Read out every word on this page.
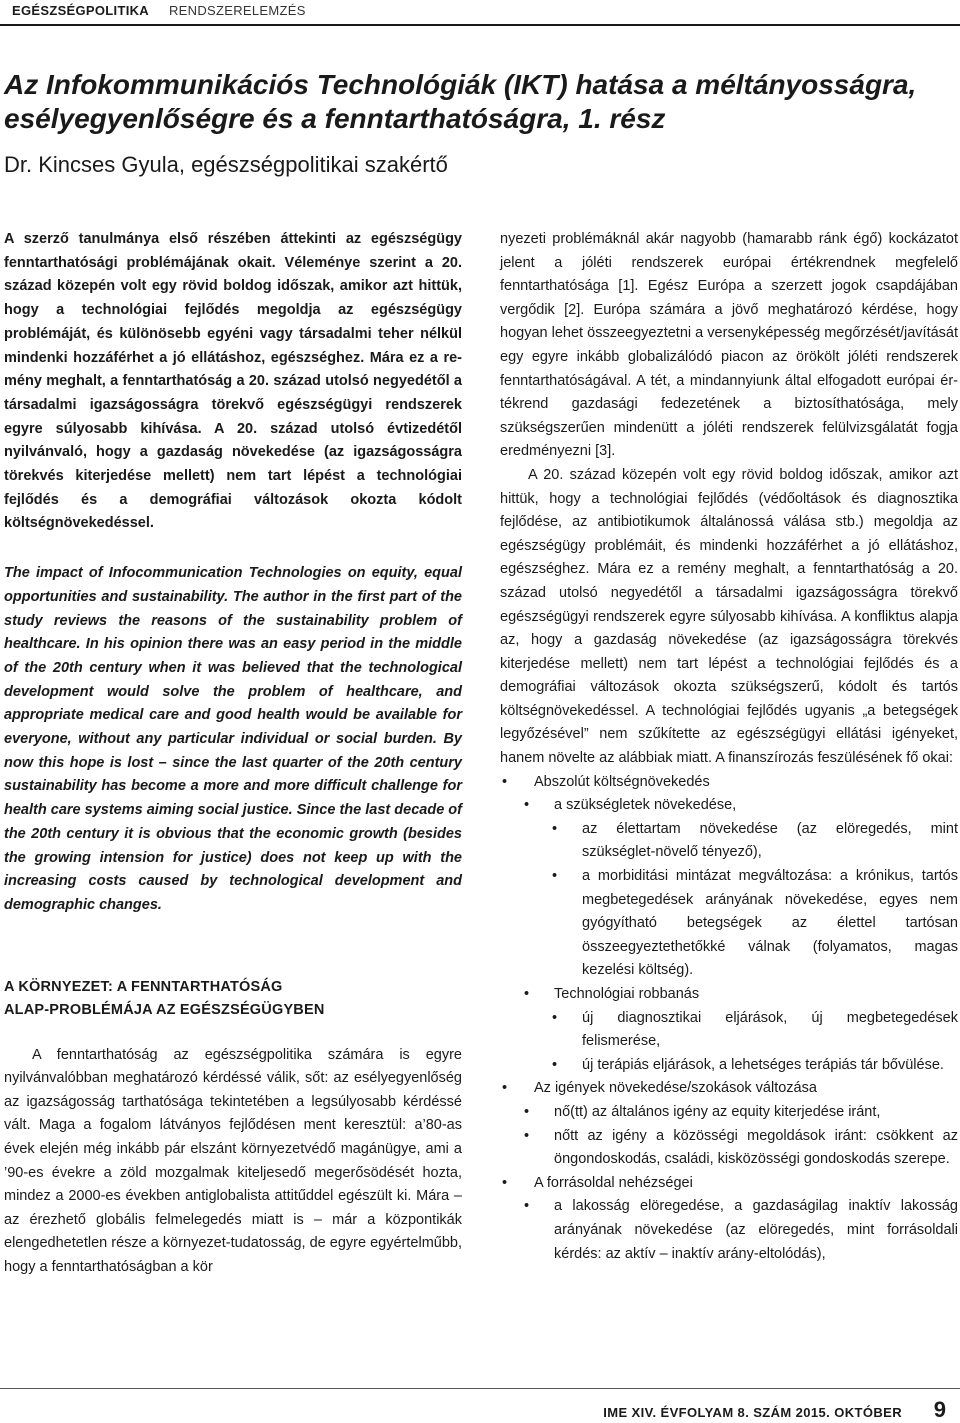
EGÉSZSÉGPOLITIKA RENDSZERELEMZÉS
Az Infokommunikációs Technológiák (IKT) hatása a méltányosságra, esélyegyenlőségre és a fenntarthatóságra, 1. rész

Dr. Kincses Gyula, egészségpolitikai szakértő

A szerző tanulmánya első részében áttekinti az egészségügy fenntarthatósági problémájának okait. Véleménye szerint a 20. század közepén volt egy rövid boldog időszak, amikor azt hittük, hogy a technológiai fejlődés megoldja az egészségügy problémáját, és különösebb egyéni vagy társadalmi teher nélkül mindenki hozzáférhet a jó ellátáshoz, egészséghez. Mára ez a remény meghalt, a fenntarthatóság a 20. század utolsó negyedétől a társadalmi igazságosságra törekvő egészségügyi rendszerek egyre súlyosabb kihívása. A 20. század utolsó évtizedétől nyilvánvaló, hogy a gazdaság növekedése (az igazságosságra törekvés kiterjedése mellett) nem tart lépést a technológiai fejlődés és a demográfiai változások okozta kódolt költségnövekedéssel.

The impact of Infocommunication Technologies on equity, equal opportunities and sustainability. The author in the first part of the study reviews the reasons of the sustainability problem of healthcare. In his opinion there was an easy period in the middle of the 20th century when it was believed that the technological development would solve the problem of healthcare, and appropriate medical care and good health would be available for everyone, without any particular individual or social burden. By now this hope is lost – since the last quarter of the 20th century sustainability has become a more and more difficult challenge for health care systems aiming social justice. Since the last decade of the 20th century it is obvious that the economic growth (besides the growing intension for justice) does not keep up with the increasing costs caused by technological development and demographic changes.

A KÖRNYEZET: A FENNTARTHATÓSÁG
ALAP-PROBLÉMÁJA AZ EGÉSZSÉGÜGYBEN

A fenntarthatóság az egészségpolitika számára is egyre nyilvánvalóbban meghatározó kérdéssé válik, sőt: az esélyegyenlőség az igazságosság tarthatósága tekintetében a legsúlyosabb kérdéssé vált. Maga a fogalom látványos fejlődésen ment keresztül: a’80-as évek elején még inkább pár elszánt környezetvédő magánügye, ami a ’90-es évekre a zöld mozgalmak kiteljesedő megerősödését hozta, mindez a 2000-es években antiglobalista attitűddel egészült ki. Mára – az érezhető globális felmelegedés miatt is – már a központikák elengedhetetlen része a környezet-tudatosság, de egyre egyértelműbb, hogy a fenntarthatóságban a kör

nyezeti problémáknál akár nagyobb (hamarabb ránk égő) kockázatot jelent a jóléti rendszerek európai értékrendnek megfelelő fenntarthatósága [1]. Egész Európa a szerzett jogok csapdájában vergődik [2]. Európa számára a jövő meghatározó kérdése, hogy hogyan lehet összeegyeztetni a versenyképesség megőrzését/javítását egy egyre inkább globalizálódó piacon az örökölt jóléti rendszerek fenntarthatóságával. A tét, a mindannyiunk által elfogadott európai értékrend gazdasági fedezetének a biztosíthatósága, mely szükségszerűen mindenütt a jóléti rendszerek felülvizsgálatát fogja eredményezni [3].

A 20. század közepén volt egy rövid boldog időszak, amikor azt hittük, hogy a technológiai fejlődés (védőoltások és diagnosztika fejlődése, az antibiotikumok általánossá válása stb.) megoldja az egészségügy problémáit, és mindenki hozzáférhet a jó ellátáshoz, egészséghez. Mára ez a remény meghalt, a fenntarthatóság a 20. század utolsó negyedétől a társadalmi igazságosságra törekvő egészségügyi rendszerek egyre súlyosabb kihívása. A konfliktus alapja az, hogy a gazdaság növekedése (az igazságosságra törekvés kiterjedése mellett) nem tart lépést a technológiai fejlődés és a demográfiai változások okozta szükségszerű, kódolt és tartós költségnövekedéssel. A technológiai fejlődés ugyanis „a betegségek legyőzésével” nem szűkítette az egészségügyi ellátási igényeket, hanem növelte az alábbiak miatt. A finanszírozás feszülésének fő okai:

• Abszolút költségnövekedés
• a szükségletek növekedése,
• az élettartam növekedése (az elöregedés, mint szükséglet-növelő tényező),
• a morbiditási mintázat megváltozása: a krónikus, tartós megbetegedések arányának növekedése, egyes nem gyógyítható betegségek az élettel tartósan összeegyeztethetőkké válnak (folyamatos, magas kezelési költség).
• Technológiai robbanás
• új diagnosztikai eljárások, új megbetegedések felismerése,
• új terápiás eljárások, a lehetséges terápiás tár bővülése.
• Az igények növekedése/szokások változása
• nő(tt) az általános igény az equity kiterjedése iránt,
• nőtt az igény a közösségi megoldások iránt: csökkent az öngondoskodás, családi, kisközösségi gondoskodás szerepe.
• A forrásoldal nehézségei
• a lakosság elöregedése, a gazdaságilag inaktív lakosság arányának növekedése (az elöregedés, mint forrásoldali kérdés: az aktív – inaktív arány-eltolódás),
IME XIV. ÉVFOLYAM 8. SZÁM 2015. OKTÓBER 9
